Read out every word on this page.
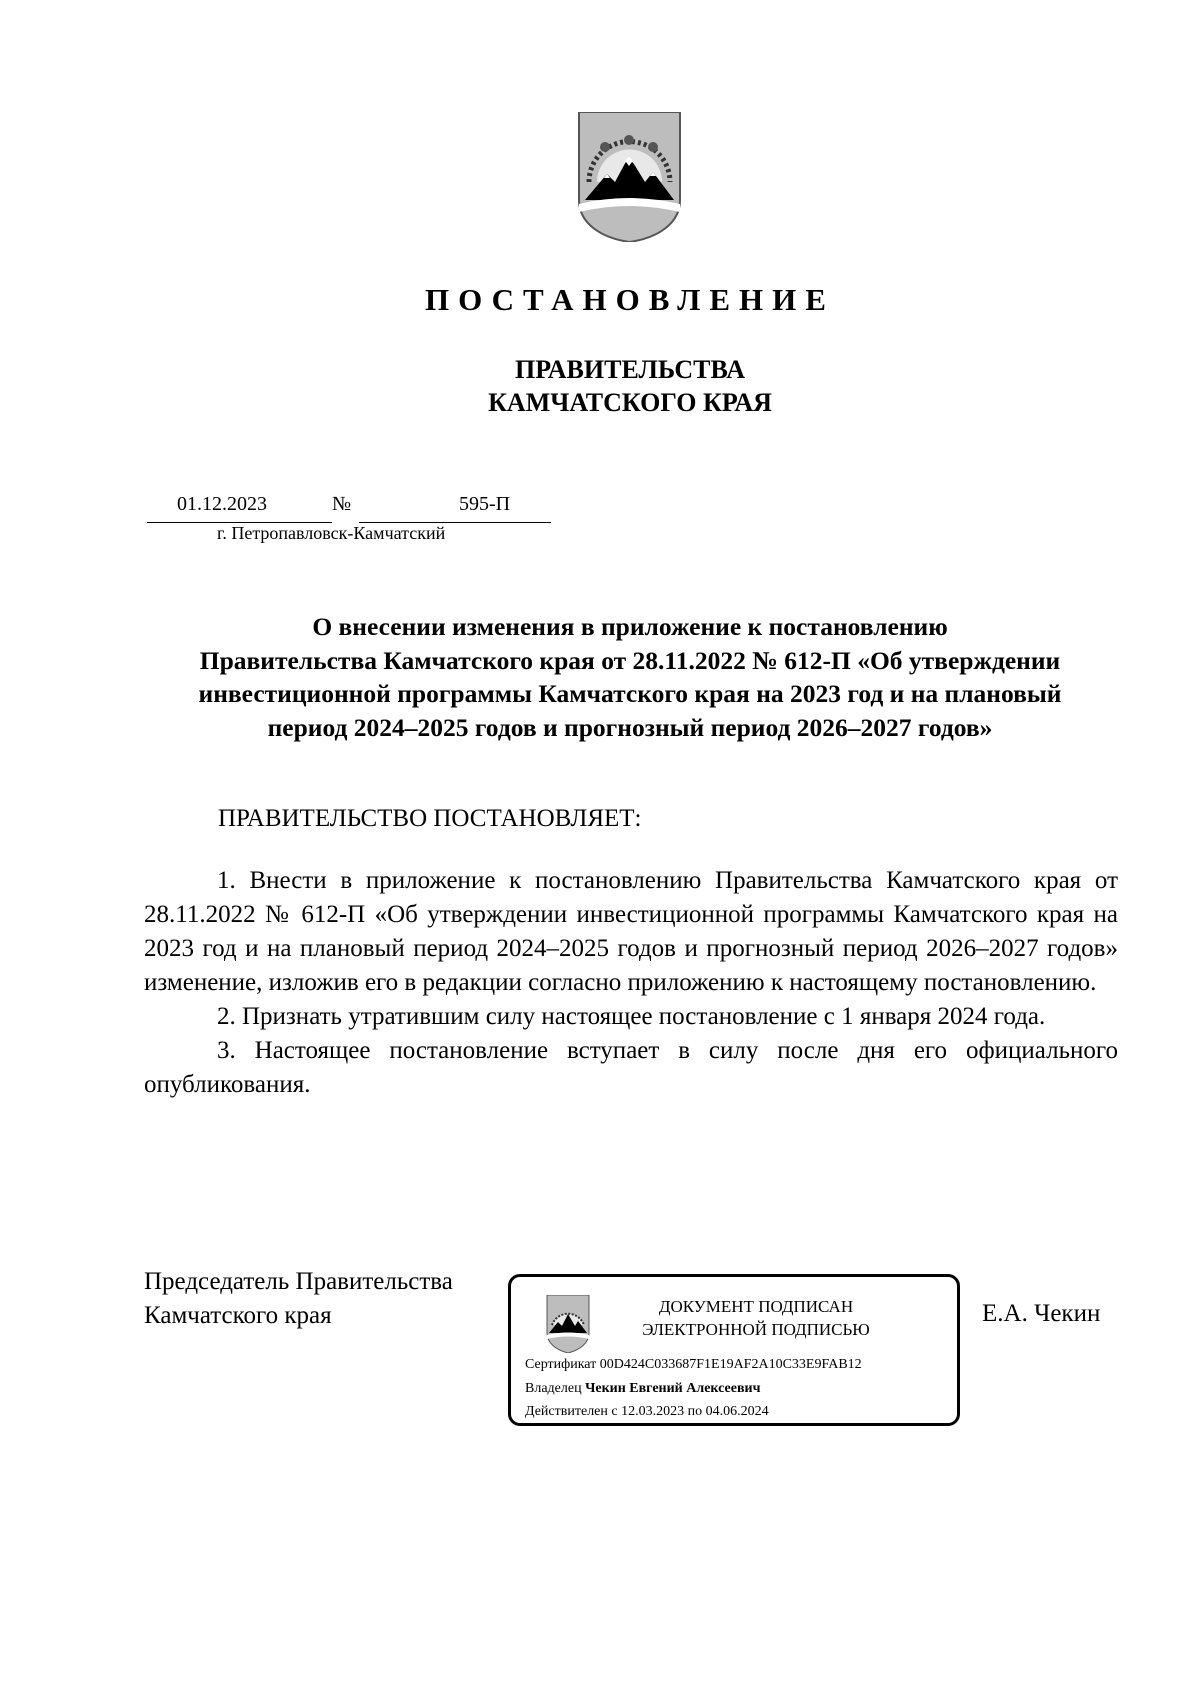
ПОСТАНОВЛЕНИЕ
ПРАВИТЕЛЬСТВА
КАМЧАТСКОГО КРАЯ
01.12.2023	№	595-П
г. Петропавловск-Камчатский
О внесении изменения в приложение к постановлению
Правительства Камчатского края от 28.11.2022 № 612-П «Об утверждении
инвестиционной программы Камчатского края на 2023 год и на плановый
период 2024–2025 годов и прогнозный период 2026–2027 годов»
ПРАВИТЕЛЬСТВО ПОСТАНОВЛЯЕТ:

1. Внести в приложение к постановлению Правительства Камчатского края от 28.11.2022 № 612-П «Об утверждении инвестиционной программы Камчатского края на 2023 год и на плановый период 2024–2025 годов и прогнозный период 2026–2027 годов» изменение, изложив его в редакции согласно приложению к настоящему постановлению.

2. Признать утратившим силу настоящее постановление с 1 января 2024 года.

3. Настоящее постановление вступает в силу после дня его официального опубликования.

Председатель Правительства
Камчатского края	ДОКУМЕНТ ПОДПИСАН
ЭЛЕКТРОННОЙ ПОДПИСЬЮ
Сертификат 00D424C033687F1E19AF2A10C33E9FAB12
Владелец Чекин Евгений Алексеевич
Действителен с 12.03.2023 по 04.06.2024
Е.А. Чекин
